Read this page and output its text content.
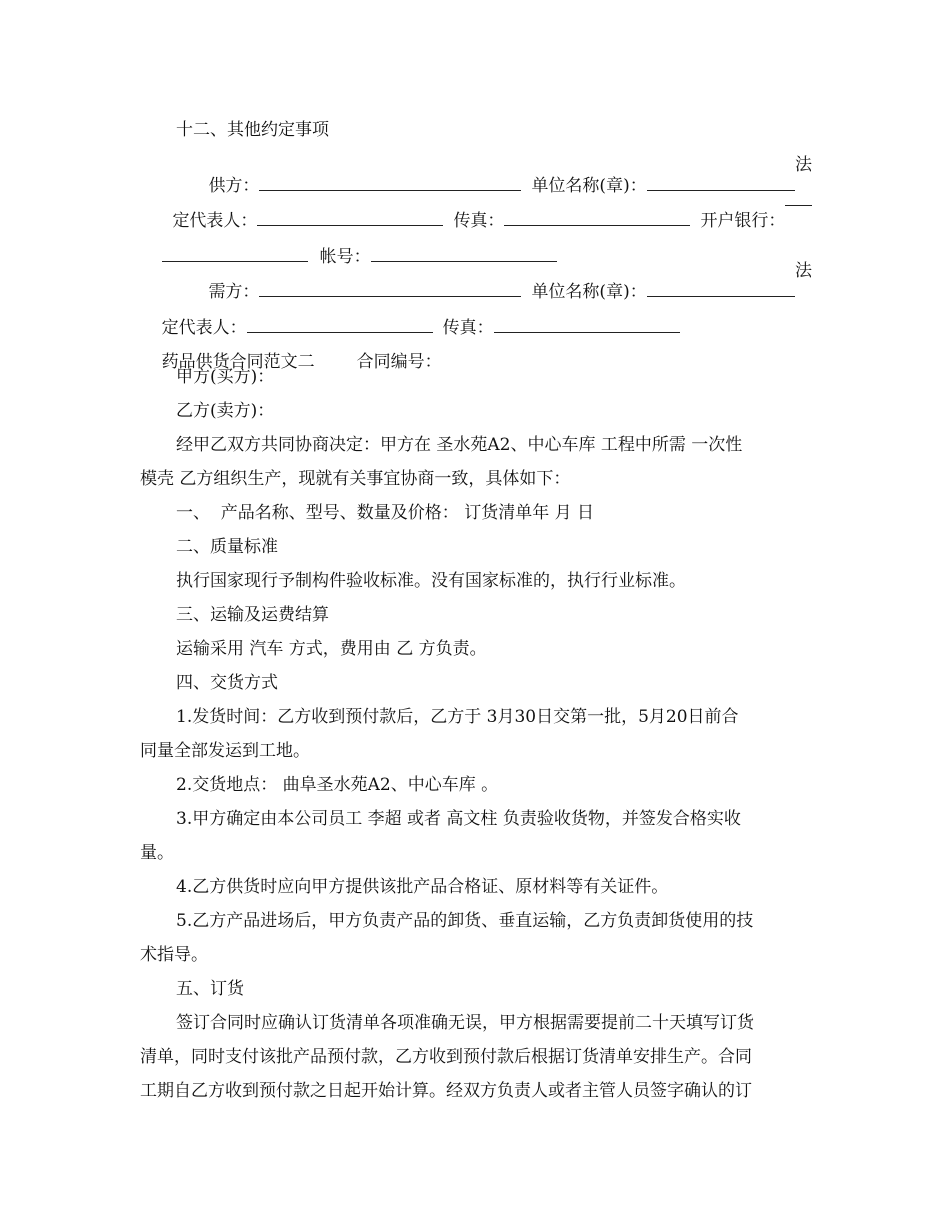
十二、其他约定事项

供方：	单位名称(章)：

法

定代表人：	传真：	开户银行：

帐号：

需方：	单位名称(章)：

法

定代表人：	传真：

药品供货合同范文二 合同编号：

甲方(买方)：
乙方(卖方)：
经甲乙双方共同协商决定：甲方在 圣水苑A2、中心车库 工程中所需 一次性
模壳 乙方组织生产，现就有关事宜协商一致，具体如下：
一、  产品名称、型号、数量及价格： 订货清单年 月 日
二、质量标准
执行国家现行予制构件验收标准。没有国家标准的，执行行业标准。
三、运输及运费结算
运输采用 汽车 方式，费用由 乙 方负责。
四、交货方式
1.发货时间：乙方收到预付款后，乙方于 3月30日交第一批，5月20日前合
同量全部发运到工地。
2.交货地点： 曲阜圣水苑A2、中心车库 。
3.甲方确定由本公司员工 李超 或者 高文柱 负责验收货物，并签发合格实收
量。
4.乙方供货时应向甲方提供该批产品合格证、原材料等有关证件。
5.乙方产品进场后，甲方负责产品的卸货、垂直运输，乙方负责卸货使用的技
术指导。
五、订货
签订合同时应确认订货清单各项准确无误，甲方根据需要提前二十天填写订货
清单，同时支付该批产品预付款，乙方收到预付款后根据订货清单安排生产。合同
工期自乙方收到预付款之日起开始计算。经双方负责人或者主管人员签字确认的订
